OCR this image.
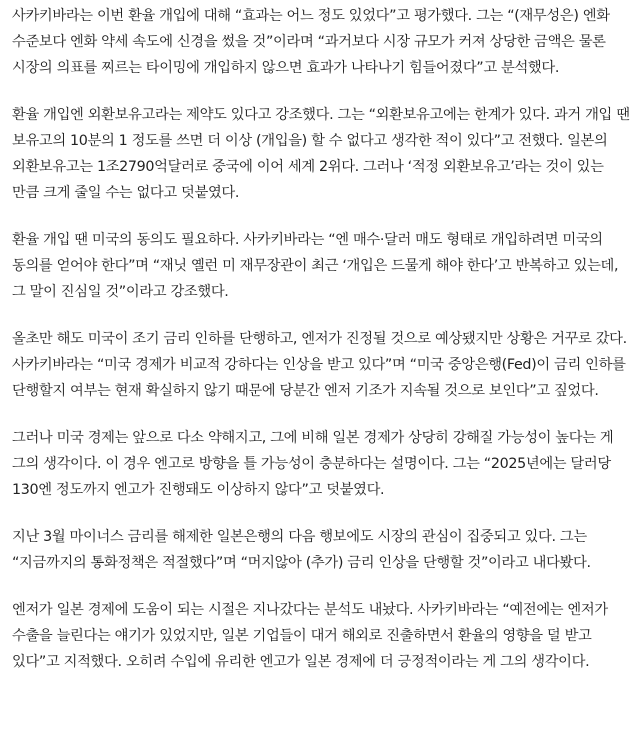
사카키바라는 이번 환율 개입에 대해 “효과는 어느 정도 있었다”고 평가했다. 그는 “(재무성은) 엔화 수준보다 엔화 약세 속도에 신경을 썼을 것”이라며 “과거보다 시장 규모가 커져 상당한 금액은 물론 시장의 의표를 찌르는 타이밍에 개입하지 않으면 효과가 나타나기 힘들어졌다”고 분석했다.

환율 개입엔 외환보유고라는 제약도 있다고 강조했다. 그는 “외환보유고에는 한계가 있다. 과거 개입 땐 보유고의 10분의 1 정도를 쓰면 더 이상 (개입을) 할 수 없다고 생각한 적이 있다”고 전했다. 일본의 외환보유고는 1조2790억달러로 중국에 이어 세계 2위다. 그러나 ‘적정 외환보유고’라는 것이 있는 만큼 크게 줄일 수는 없다고 덧붙였다.

환율 개입 땐 미국의 동의도 필요하다. 사카키바라는 “엔 매수·달러 매도 형태로 개입하려면 미국의 동의를 얻어야 한다”며 “재닛 옐런 미 재무장관이 최근 ‘개입은 드물게 해야 한다’고 반복하고 있는데, 그 말이 진심일 것”이라고 강조했다.

올초만 해도 미국이 조기 금리 인하를 단행하고, 엔저가 진정될 것으로 예상됐지만 상황은 거꾸로 갔다. 사카키바라는 “미국 경제가 비교적 강하다는 인상을 받고 있다”며 “미국 중앙은행(Fed)이 금리 인하를 단행할지 여부는 현재 확실하지 않기 때문에 당분간 엔저 기조가 지속될 것으로 보인다”고 짚었다.

그러나 미국 경제는 앞으로 다소 약해지고, 그에 비해 일본 경제가 상당히 강해질 가능성이 높다는 게 그의 생각이다. 이 경우 엔고로 방향을 틀 가능성이 충분하다는 설명이다. 그는 “2025년에는 달러당 130엔 정도까지 엔고가 진행돼도 이상하지 않다”고 덧붙였다.

지난 3월 마이너스 금리를 해제한 일본은행의 다음 행보에도 시장의 관심이 집중되고 있다. 그는 “지금까지의 통화정책은 적절했다”며 “머지않아 (추가) 금리 인상을 단행할 것”이라고 내다봤다.

엔저가 일본 경제에 도움이 되는 시절은 지나갔다는 분석도 내놨다. 사카키바라는 “예전에는 엔저가 수출을 늘린다는 얘기가 있었지만, 일본 기업들이 대거 해외로 진출하면서 환율의 영향을 덜 받고 있다”고 지적했다. 오히려 수입에 유리한 엔고가 일본 경제에 더 긍정적이라는 게 그의 생각이다.
